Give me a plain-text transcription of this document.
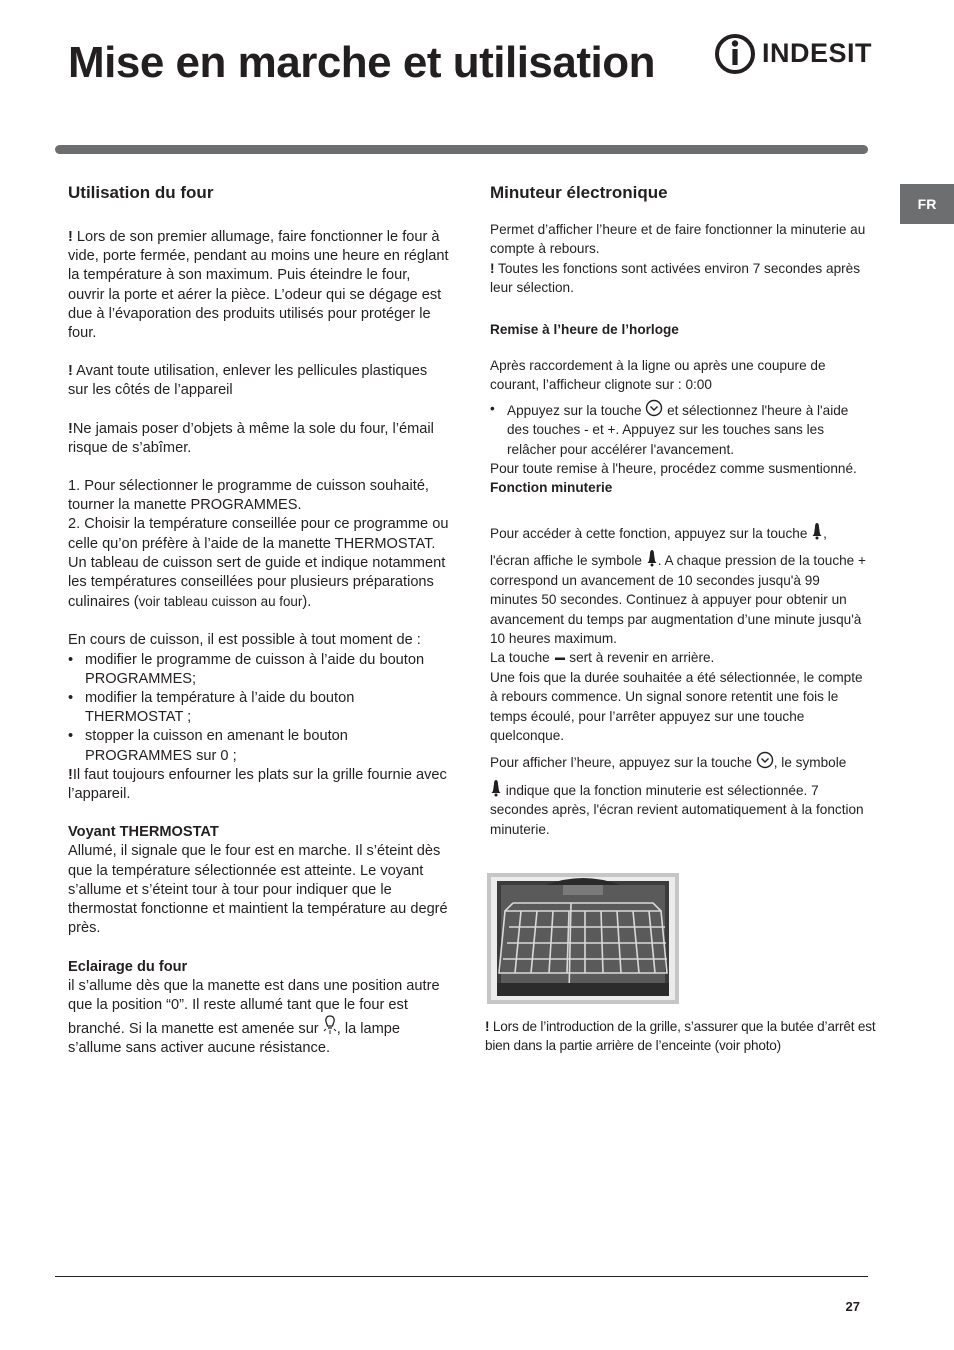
Mise en marche et utilisation	INDESIT
FR
Utilisation du four

! Lors de son premier allumage, faire fonctionner le four à vide, porte fermée, pendant au moins une heure en réglant la température à son maximum. Puis éteindre le four, ouvrir la porte et aérer la pièce. L’odeur qui se dégage est due à l’évaporation des produits utilisés pour protéger le four.

! Avant toute utilisation, enlever les pellicules plastiques sur les côtés de l’appareil

!Ne jamais poser d’objets à même la sole du four, l’émail risque de s’abîmer.

1. Pour sélectionner le programme de cuisson souhaité, tourner la manette PROGRAMMES.

2. Choisir la température conseillée pour ce programme ou celle qu’on préfère à l’aide de la manette THERMOSTAT.

Un tableau de cuisson sert de guide et indique notamment les températures conseillées pour plusieurs préparations culinaires (voir tableau cuisson au four).

En cours de cuisson, il est possible à tout moment de :

• modifier le programme de cuisson à l’aide du bouton PROGRAMMES;
• modifier la température à l’aide du bouton THERMOSTAT ;
• stopper la cuisson en amenant le bouton PROGRAMMES sur 0 ;

!Il faut toujours enfourner les plats sur la grille fournie avec l’appareil.

Voyant THERMOSTAT

Allumé, il signale que le four est en marche. Il s’éteint dès que la température sélectionnée est atteinte. Le voyant s’allume et s’éteint tour à tour pour indiquer que le thermostat fonctionne et maintient la température au degré près.

Eclairage du four

il s’allume dès que la manette est dans une position autre que la position “0”. Il reste allumé tant que le four est branché. Si la manette est amenée sur , la lampe s’allume sans activer aucune résistance.

Minuteur électronique

Permet d’afficher l’heure et de faire fonctionner la minuterie au compte à rebours.

! Toutes les fonctions sont activées environ 7 secondes après leur sélection.

Remise à l’heure de l’horloge

Après raccordement à la ligne ou après une coupure de courant, l’afficheur clignote sur : 0:00

• Appuyez sur la touche  et sélectionnez l'heure à l'aide des touches - et +. Appuyez sur les touches sans les relâcher pour accélérer l'avancement.

Pour toute remise à l'heure, procédez comme susmentionné.

Fonction minuterie

Pour accéder à cette fonction, appuyez sur la touche ,

l'écran affiche le symbole . A chaque pression de la touche + correspond un avancement de 10 secondes jusqu'à 99 minutes 50 secondes. Continuez à appuyer pour obtenir un avancement du temps par augmentation d’une minute jusqu'à 10 heures maximum.

La touche  sert à revenir en arrière.

Une fois que la durée souhaitée a été sélectionnée, le compte à rebours commence. Un signal sonore retentit une fois le temps écoulé, pour l’arrêter appuyez sur une touche quelconque.

Pour afficher l’heure, appuyez sur la touche , le symbole

indique que la fonction minuterie est sélectionnée. 7 secondes après, l'écran revient automatiquement à la fonction minuterie.

! Lors de l’introduction de la grille, s’assurer que la butée d’arrêt est bien dans la partie arrière de l’enceinte (voir photo)

27
